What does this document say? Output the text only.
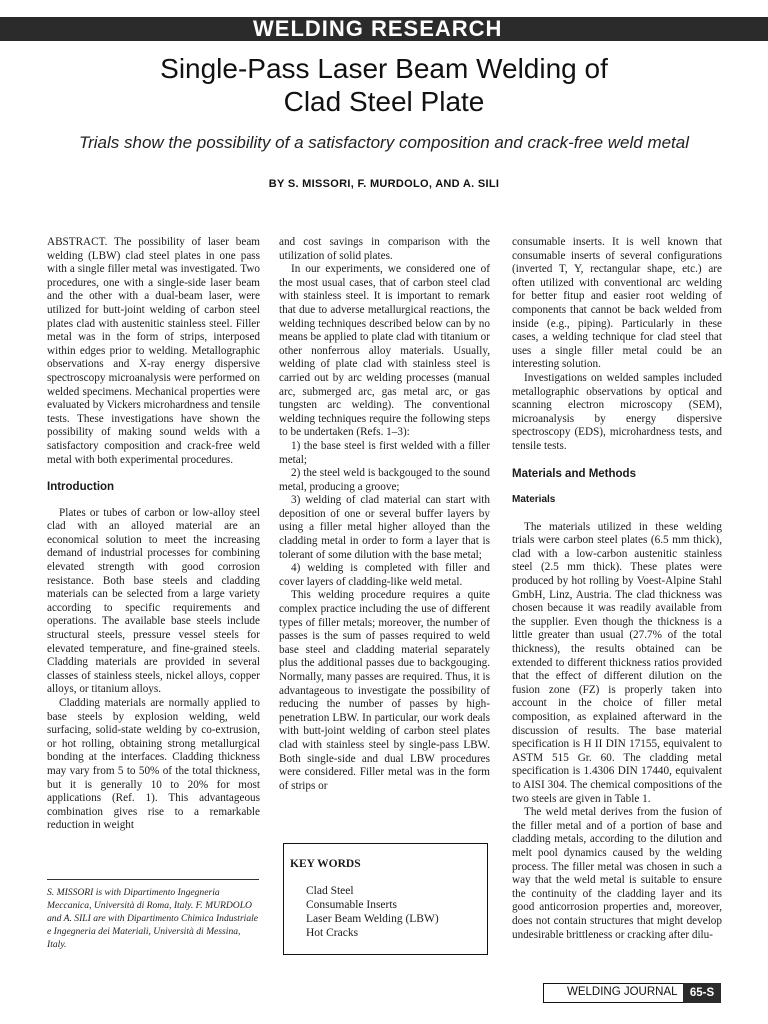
WELDING RESEARCH
Single-Pass Laser Beam Welding of
Clad Steel Plate
Trials show the possibility of a satisfactory composition and crack-free weld metal
BY S. MISSORI, F. MURDOLO, AND A. SILI

ABSTRACT. The possibility of laser beam welding (LBW) clad steel plates in one pass with a single filler metal was investigated. Two procedures, one with a single-side laser beam and the other with a dual-beam laser, were utilized for butt-joint welding of carbon steel plates clad with austenitic stainless steel. Filler metal was in the form of strips, interposed within edges prior to welding. Metallographic observations and X-ray energy dispersive spectroscopy microanalysis were performed on welded specimens. Mechanical properties were evaluated by Vickers microhardness and tensile tests. These investigations have shown the possibility of making sound welds with a satisfactory composition and crack-free weld metal with both experimental procedures.

Introduction

Plates or tubes of carbon or low-alloy steel clad with an alloyed material are an economical solution to meet the increasing demand of industrial processes for combining elevated strength with good corrosion resistance. Both base steels and cladding materials can be selected from a large variety according to specific requirements and operations. The available base steels include structural steels, pressure vessel steels for elevated temperature, and fine-grained steels. Cladding materials are provided in several classes of stainless steels, nickel alloys, copper alloys, or titanium alloys.

Cladding materials are normally applied to base steels by explosion welding, weld surfacing, solid-state welding by co-extrusion, or hot rolling, obtaining strong metallurgical bonding at the interfaces. Cladding thickness may vary from 5 to 50% of the total thickness, but it is generally 10 to 20% for most applications (Ref. 1). This advantageous combination gives rise to a remarkable reduction in weight

S. MISSORI is with Dipartimento Ingegneria Meccanica, Università di Roma, Italy. F. MURDOLO and A. SILI are with Dipartimento Chimica Industriale e Ingegneria dei Materiali, Università di Messina, Italy.

and cost savings in comparison with the utilization of solid plates.

In our experiments, we considered one of the most usual cases, that of carbon steel clad with stainless steel. It is important to remark that due to adverse metallurgical reactions, the welding techniques described below can by no means be applied to plate clad with titanium or other nonferrous alloy materials. Usually, welding of plate clad with stainless steel is carried out by arc welding processes (manual arc, submerged arc, gas metal arc, or gas tungsten arc welding). The conventional welding techniques require the following steps to be undertaken (Refs. 1–3):

1) the base steel is first welded with a filler metal;

2) the steel weld is backgouged to the sound metal, producing a groove;

3) welding of clad material can start with deposition of one or several buffer layers by using a filler metal higher alloyed than the cladding metal in order to form a layer that is tolerant of some dilution with the base metal;

4) welding is completed with filler and cover layers of cladding-like weld metal.

This welding procedure requires a quite complex practice including the use of different types of filler metals; moreover, the number of passes is the sum of passes required to weld base steel and cladding material separately plus the additional passes due to backgouging. Normally, many passes are required. Thus, it is advantageous to investigate the possibility of reducing the number of passes by high-penetration LBW. In particular, our work deals with butt-joint welding of carbon steel plates clad with stainless steel by single-pass LBW. Both single-side and dual LBW procedures were considered. Filler metal was in the form of strips or

KEY WORDS
Clad Steel
Consumable Inserts
Laser Beam Welding (LBW)
Hot Cracks

consumable inserts. It is well known that consumable inserts of several configurations (inverted T, Y, rectangular shape, etc.) are often utilized with conventional arc welding for better fitup and easier root welding of components that cannot be back welded from inside (e.g., piping). Particularly in these cases, a welding technique for clad steel that uses a single filler metal could be an interesting solution.

Investigations on welded samples included metallographic observations by optical and scanning electron microscopy (SEM), microanalysis by energy dispersive spectroscopy (EDS), microhardness tests, and tensile tests.

Materials and Methods

Materials

The materials utilized in these welding trials were carbon steel plates (6.5 mm thick), clad with a low-carbon austenitic stainless steel (2.5 mm thick). These plates were produced by hot rolling by Voest-Alpine Stahl GmbH, Linz, Austria. The clad thickness was chosen because it was readily available from the supplier. Even though the thickness is a little greater than usual (27.7% of the total thickness), the results obtained can be extended to different thickness ratios provided that the effect of different dilution on the fusion zone (FZ) is properly taken into account in the choice of filler metal composition, as explained afterward in the discussion of results. The base material specification is H II DIN 17155, equivalent to ASTM 515 Gr. 60. The cladding metal specification is 1.4306 DIN 17440, equivalent to AISI 304. The chemical compositions of the two steels are given in Table 1.

The weld metal derives from the fusion of the filler metal and of a portion of base and cladding metals, according to the dilution and melt pool dynamics caused by the welding process. The filler metal was chosen in such a way that the weld metal is suitable to ensure the continuity of the cladding layer and its good anticorrosion properties and, moreover, does not contain structures that might develop undesirable brittleness or cracking after dilu-

WELDING JOURNAL	65-S
